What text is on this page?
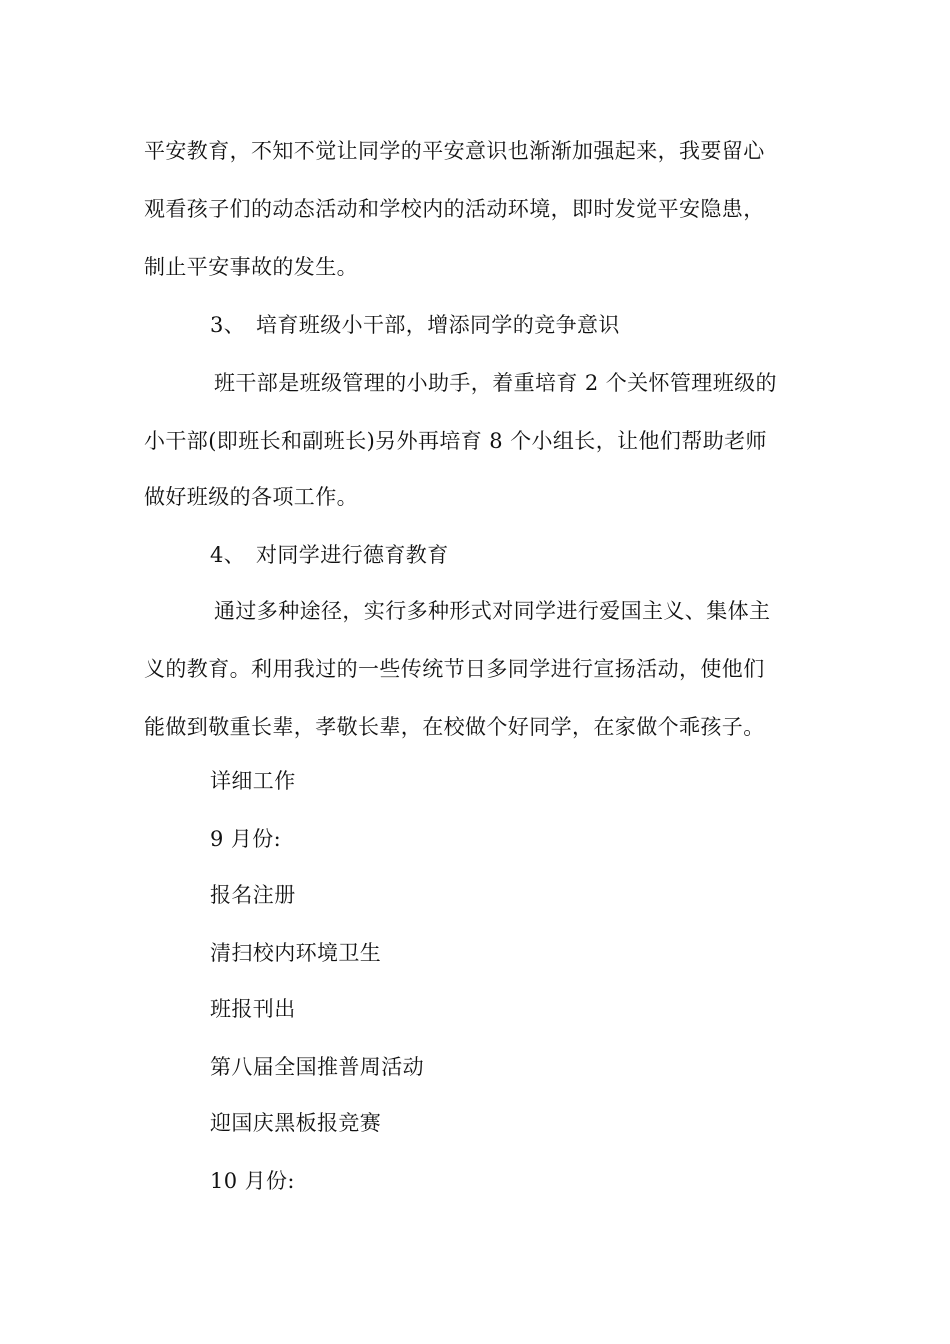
平安教育，不知不觉让同学的平安意识也渐渐加强起来，我要留心
观看孩子们的动态活动和学校内的活动环境，即时发觉平安隐患，
制止平安事故的发生。
3、 培育班级小干部，增添同学的竞争意识
班干部是班级管理的小助手，着重培育 2 个关怀管理班级的
小干部(即班长和副班长)另外再培育 8 个小组长，让他们帮助老师
做好班级的各项工作。
4、 对同学进行德育教育
通过多种途径，实行多种形式对同学进行爱国主义、集体主
义的教育。利用我过的一些传统节日多同学进行宣扬活动，使他们
能做到敬重长辈，孝敬长辈，在校做个好同学，在家做个乖孩子。
详细工作
9 月份:
报名注册
清扫校内环境卫生
班报刊出
第八届全国推普周活动
迎国庆黑板报竞赛
10 月份:
